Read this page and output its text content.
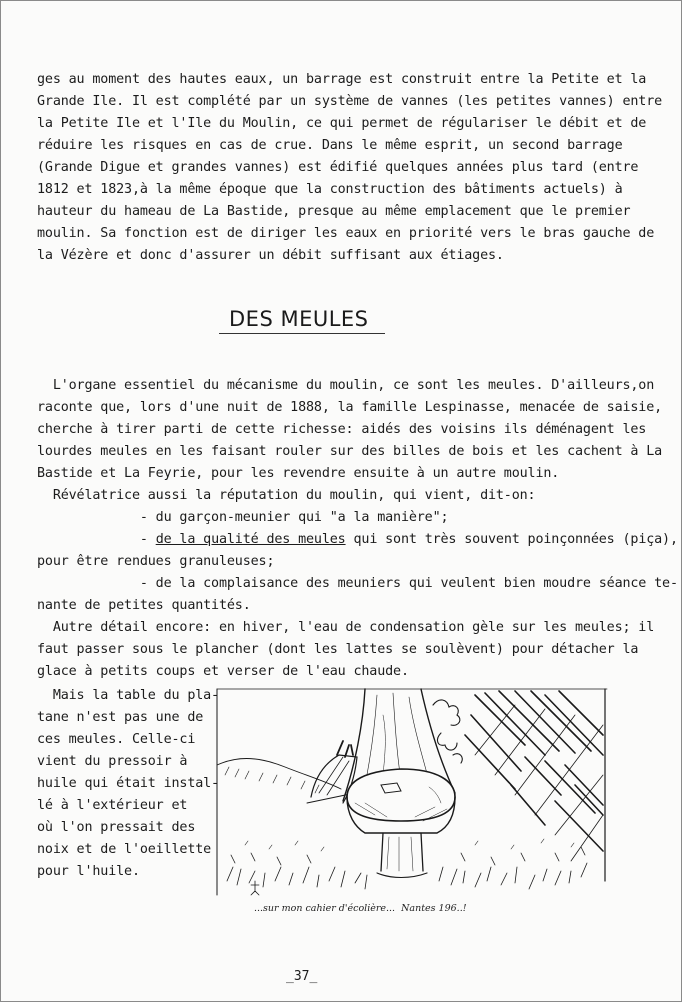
ges au moment des hautes eaux, un barrage est construit entre la Petite et la
Grande Ile. Il est complété par un système de vannes (les petites vannes) entre
la Petite Ile et l'Ile du Moulin, ce qui permet de régulariser le débit et de
réduire les risques en cas de crue. Dans le même esprit, un second barrage
(Grande Digue et grandes vannes) est édifié quelques années plus tard (entre
1812 et 1823,à la même époque que la construction des bâtiments actuels) à
hauteur du hameau de La Bastide, presque au même emplacement que le premier
moulin. Sa fonction est de diriger les eaux en priorité vers le bras gauche de
la Vézère et donc d'assurer un débit suffisant aux étiages.
DES MEULES
L'organe essentiel du mécanisme du moulin, ce sont les meules. D'ailleurs,on
raconte que, lors d'une nuit de 1888, la famille Lespinasse, menacée de saisie,
cherche à tirer parti de cette richesse: aidés des voisins ils déménagent les
lourdes meules en les faisant rouler sur des billes de bois et les cachent à La
Bastide et La Feyrie, pour les revendre ensuite à un autre moulin.
Révélatrice aussi la réputation du moulin, qui vient, dit-on:
- du garçon-meunier qui "a la manière";
- de la qualité des meules qui sont très souvent poinçonnées (piça),
pour être rendues granuleuses;
- de la complaisance des meuniers qui veulent bien moudre séance te-
nante de petites quantités.
Autre détail encore: en hiver, l'eau de condensation gèle sur les meules; il
faut passer sous le plancher (dont les lattes se soulèvent) pour détacher la
glace à petits coups et verser de l'eau chaude.
Mais la table du pla-
tane n'est pas une de
ces meules. Celle-ci
vient du pressoir à
huile qui était instal-
lé à l'extérieur et
où l'on pressait des
noix et de l'oeillette
pour l'huile.
...sur mon cahier d'écolière...  Nantes 196..!
_37_
